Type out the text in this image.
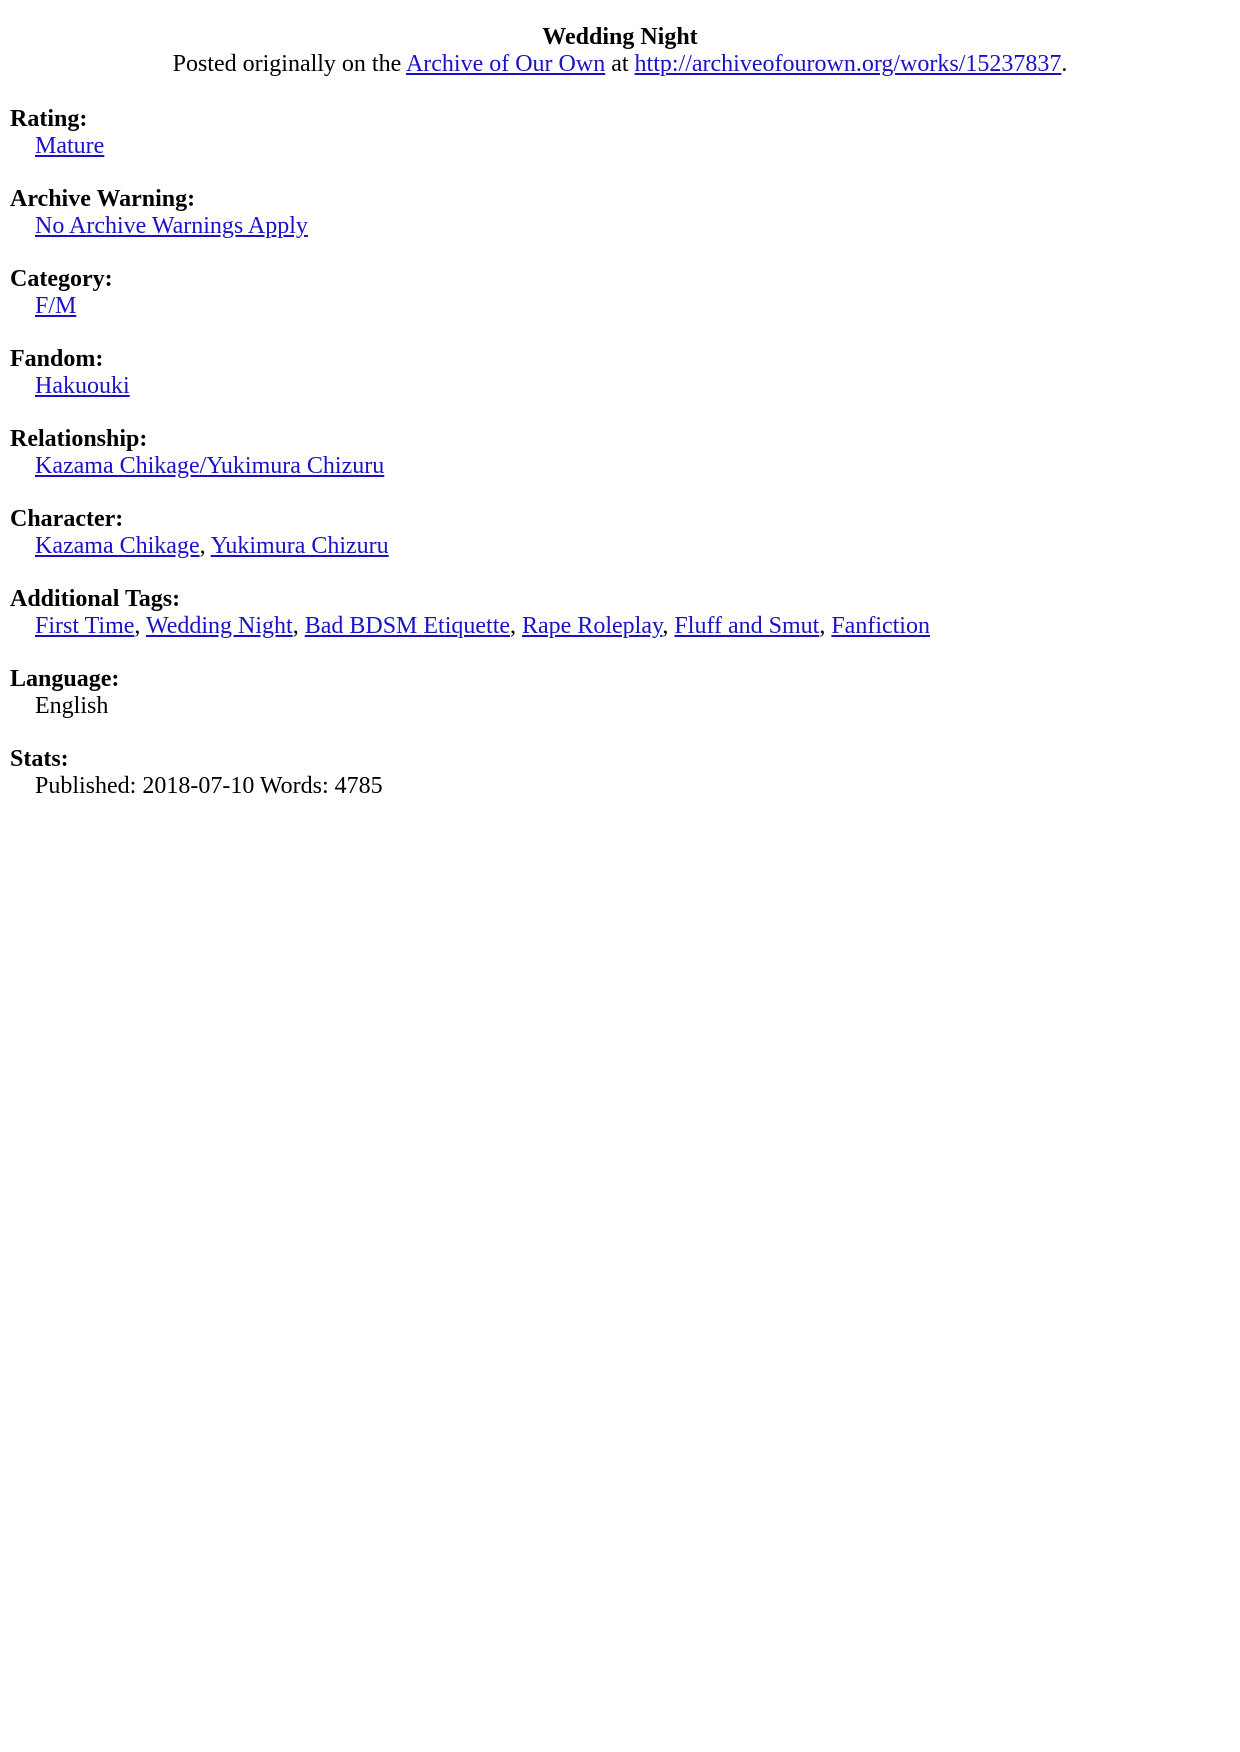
Wedding Night
Posted originally on the Archive of Our Own at http://archiveofourown.org/works/15237837.
Rating:
Mature
Archive Warning:
No Archive Warnings Apply
Category:
F/M
Fandom:
Hakuouki
Relationship:
Kazama Chikage/Yukimura Chizuru
Character:
Kazama Chikage, Yukimura Chizuru
Additional Tags:
First Time, Wedding Night, Bad BDSM Etiquette, Rape Roleplay, Fluff and Smut, Fanfiction
Language:
English
Stats:
Published: 2018-07-10 Words: 4785
